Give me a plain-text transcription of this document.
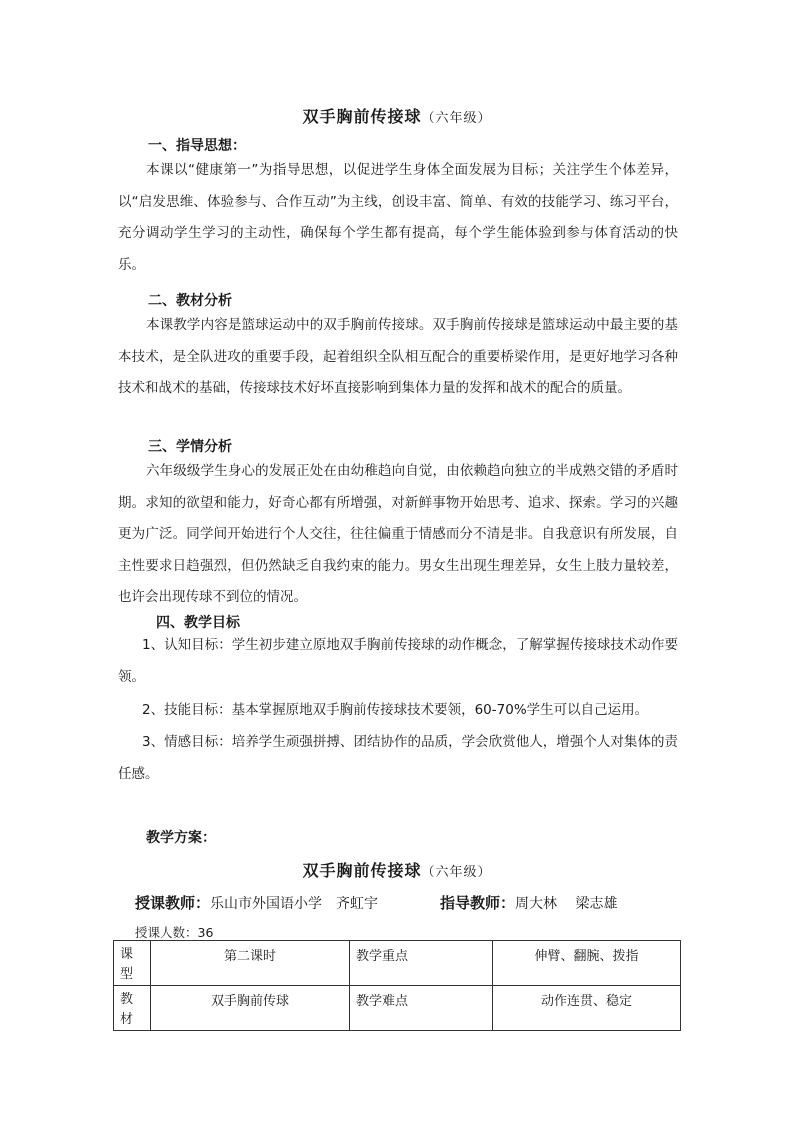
双手胸前传接球（六年级）
一、指导思想：

本课以“健康第一”为指导思想，以促进学生身体全面发展为目标；关注学生个体差异，以“启发思维、体验参与、合作互动”为主线，创设丰富、简单、有效的技能学习、练习平台，充分调动学生学习的主动性，确保每个学生都有提高，每个学生能体验到参与体育活动的快乐。

二、教材分析

本课教学内容是篮球运动中的双手胸前传接球。双手胸前传接球是篮球运动中最主要的基本技术，是全队进攻的重要手段，起着组织全队相互配合的重要桥梁作用，是更好地学习各种技术和战术的基础，传接球技术好坏直接影响到集体力量的发挥和战术的配合的质量。

三、学情分析

六年级级学生身心的发展正处在由幼稚趋向自觉，由依赖趋向独立的半成熟交错的矛盾时期。求知的欲望和能力，好奇心都有所增强，对新鲜事物开始思考、追求、探索。学习的兴趣更为广泛。同学间开始进行个人交往，往往偏重于情感而分不清是非。自我意识有所发展，自主性要求日趋强烈，但仍然缺乏自我约束的能力。男女生出现生理差异，女生上肢力量较差，也许会出现传球不到位的情况。

四、教学目标

1、认知目标：学生初步建立原地双手胸前传接球的动作概念，了解掌握传接球技术动作要领。

2、技能目标：基本掌握原地双手胸前传接球技术要领，60-70%学生可以自己运用。

3、情感目标：培养学生顽强拼搏、团结协作的品质，学会欣赏他人，增强个人对集体的责任感。

教学方案：
双手胸前传接球（六年级）
授课教师：乐山市外国语小学　齐虹宇	指导教师：周大林　 梁志雄
授课人数：36
课型	第二课时	教学重点	伸臂、翻腕、拨指
教材	双手胸前传球	教学难点	动作连贯、稳定
